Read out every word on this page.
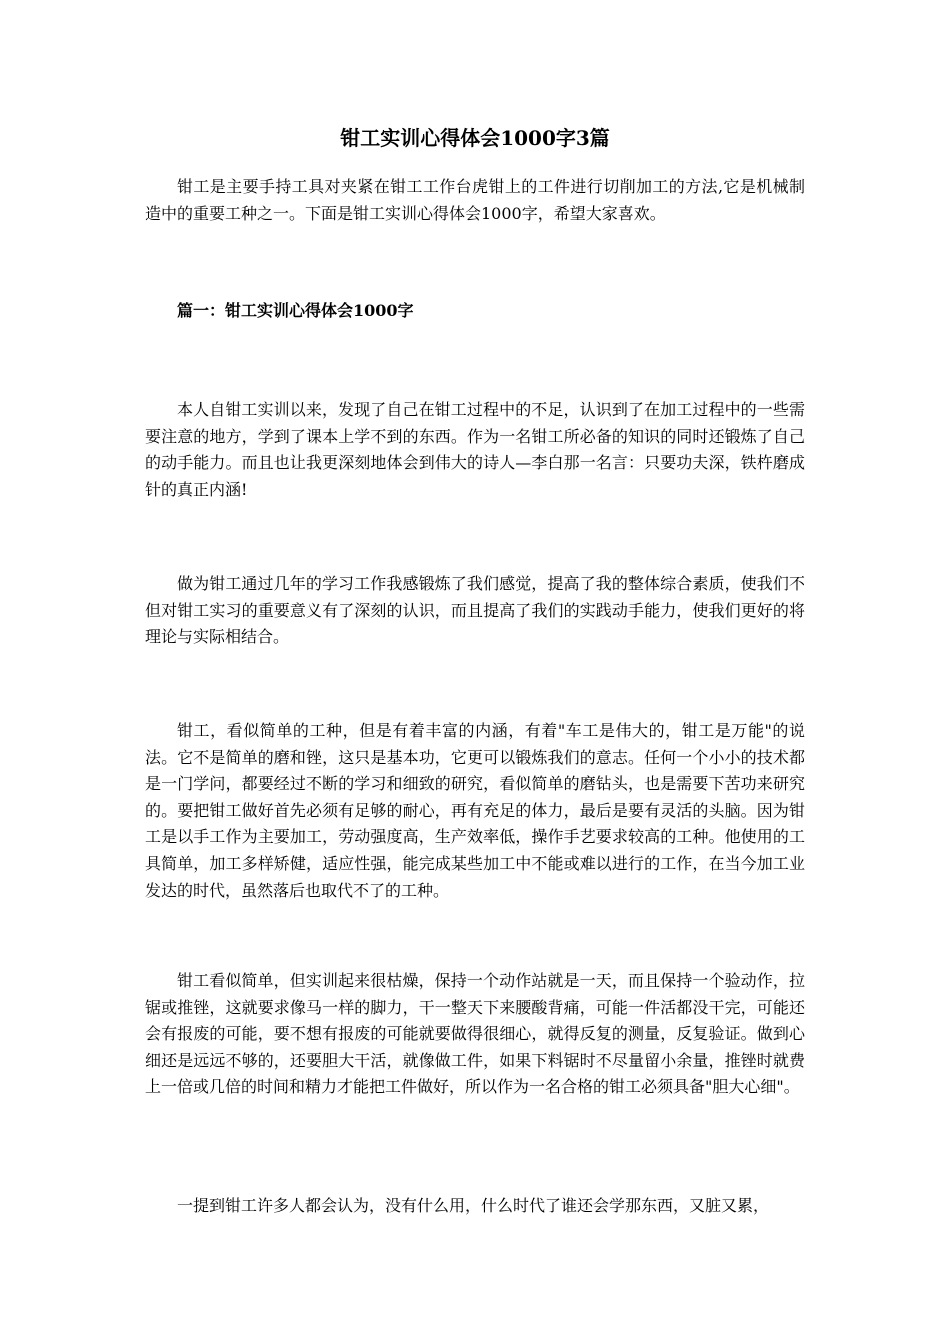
钳工实训心得体会1000字3篇

钳工是主要手持工具对夹紧在钳工工作台虎钳上的工件进行切削加工的方法,它是机械制造中的重要工种之一。下面是钳工实训心得体会1000字，希望大家喜欢。

篇一：钳工实训心得体会1000字

本人自钳工实训以来，发现了自己在钳工过程中的不足，认识到了在加工过程中的一些需要注意的地方，学到了课本上学不到的东西。作为一名钳工所必备的知识的同时还锻炼了自己的动手能力。而且也让我更深刻地体会到伟大的诗人—李白那一名言：只要功夫深，铁杵磨成针的真正内涵!

做为钳工通过几年的学习工作我感锻炼了我们感觉，提高了我的整体综合素质，使我们不但对钳工实习的重要意义有了深刻的认识，而且提高了我们的实践动手能力，使我们更好的将理论与实际相结合。

钳工，看似简单的工种，但是有着丰富的内涵，有着"车工是伟大的，钳工是万能"的说法。它不是简单的磨和锉，这只是基本功，它更可以锻炼我们的意志。任何一个小小的技术都是一门学问，都要经过不断的学习和细致的研究，看似简单的磨钻头，也是需要下苦功来研究的。要把钳工做好首先必须有足够的耐心，再有充足的体力，最后是要有灵活的头脑。因为钳工是以手工作为主要加工，劳动强度高，生产效率低，操作手艺要求较高的工种。他使用的工具简单，加工多样矫健，适应性强，能完成某些加工中不能或难以进行的工作，在当今加工业发达的时代，虽然落后也取代不了的工种。

钳工看似简单，但实训起来很枯燥，保持一个动作站就是一天，而且保持一个验动作，拉锯或推锉，这就要求像马一样的脚力，干一整天下来腰酸背痛，可能一件活都没干完，可能还会有报废的可能，要不想有报废的可能就要做得很细心，就得反复的测量，反复验证。做到心细还是远远不够的，还要胆大干活，就像做工件，如果下料锯时不尽量留小余量，推锉时就费上一倍或几倍的时间和精力才能把工件做好，所以作为一名合格的钳工必须具备"胆大心细"。

一提到钳工许多人都会认为，没有什么用，什么时代了谁还会学那东西，又脏又累，
